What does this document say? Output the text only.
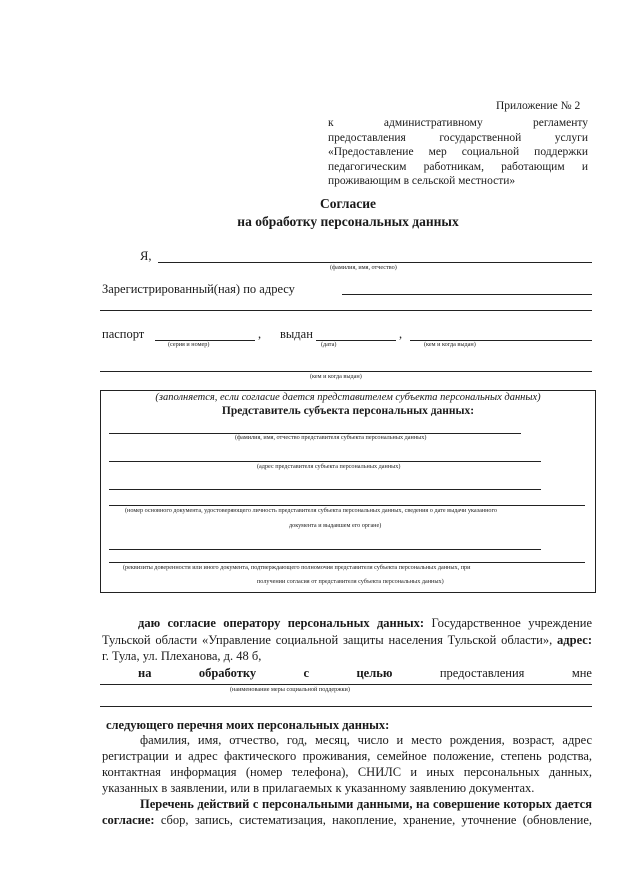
Приложение № 2
к административному регламенту
предоставления государственной услуги
«Предоставление мер социальной поддержки
педагогическим работникам, работающим и
проживающим в сельской местности»
Согласие
на обработку персональных данных
Я,
(фамилия, имя, отчество)
Зарегистрированный(ная) по адресу
паспорт	,
(серия и номер)
выдан	,
(дата)	(кем и когда выдан)
(кем и когда выдан)
(заполняется, если согласие дается представителем субъекта персональных данных)
Представитель субъекта персональных данных:
(фамилия, имя, отчество представителя субъекта персональных данных)
(адрес представителя субъекта персональных данных)
(номер основного документа, удостоверяющего личность представителя субъекта персональных данных, сведения о дате выдачи указанного
документа и выдавшем его органе)
(реквизиты доверенности или иного документа, подтверждающего полномочия представителя субъекта персональных данных, при
получении согласия от представителя субъекта персональных данных)
даю согласие оператору персональных данных: Государственное учреждение
Тульской области «Управление социальной защиты населения Тульской области», адрес:
г. Тула, ул. Плеханова, д. 48 б,
на	обработку	с	целью	предоставления	мне
(наименование меры социальной поддержки)
следующего перечня моих персональных данных:
фамилия, имя, отчество, год, месяц, число и место рождения, возраст, адрес
регистрации и адрес фактического проживания, семейное положение, степень родства,
контактная информация (номер телефона), СНИЛС и иных персональных данных,
указанных в заявлении, или в прилагаемых к указанному заявлению документах.
Перечень действий с персональными данными, на совершение которых дается
согласие: сбор, запись, систематизация, накопление, хранение, уточнение (обновление,
